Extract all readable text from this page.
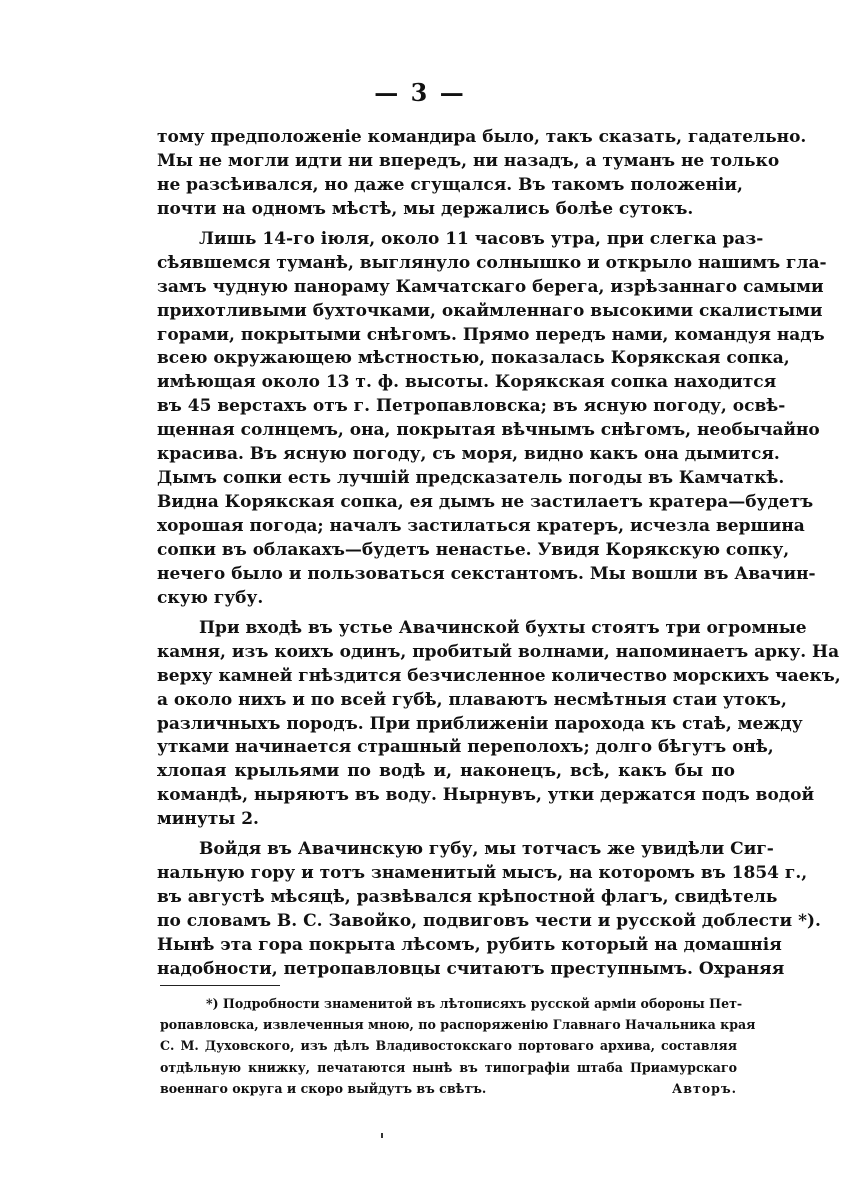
— 3 —
тому предположеніе командира было, такъ сказать, гадательно.
Мы не могли идти ни впередъ, ни назадъ, а туманъ не только
не разсѣивался, но даже сгущался. Въ такомъ положеніи,
почти на одномъ мѣстѣ, мы держались болѣе сутокъ.
Лишь 14-го іюля, около 11 часовъ утра, при слегка раз-
сѣявшемся туманѣ, выглянуло солнышко и открыло нашимъ гла-
замъ чудную панораму Камчатскаго берега, изрѣзаннаго самыми
прихотливыми бухточками, окаймленнаго высокими скалистыми
горами, покрытыми снѣгомъ. Прямо передъ нами, командуя надъ
всею окружающею мѣстностью, показалась Корякская сопка,
имѣющая около 13 т. ф. высоты. Корякская сопка находится
въ 45 верстахъ отъ г. Петропавловска; въ ясную погоду, освѣ-
щенная солнцемъ, она, покрытая вѣчнымъ снѣгомъ, необычайно
красива. Въ ясную погоду, съ моря, видно какъ она дымится.
Дымъ сопки есть лучшій предсказатель погоды въ Камчаткѣ.
Видна Корякская сопка, ея дымъ не застилаетъ кратера—будетъ
хорошая погода; началъ застилаться кратеръ, исчезла вершина
сопки въ облакахъ—будетъ ненастье. Увидя Корякскую сопку,
нечего было и пользоваться секстантомъ. Мы вошли въ Авачин-
скую губу.
При входѣ въ устье Авачинской бухты стоятъ три огромные
камня, изъ коихъ одинъ, пробитый волнами, напоминаетъ арку. На
верху камней гнѣздится безчисленное количество морскихъ чаекъ,
а около нихъ и по всей губѣ, плаваютъ несмѣтныя стаи утокъ,
различныхъ породъ. При приближеніи парохода къ стаѣ, между
утками начинается страшный переполохъ; долго бѣгутъ онѣ,
хлопая крыльями по водѣ и, наконецъ, всѣ, какъ бы по
командѣ, ныряютъ въ воду. Нырнувъ, утки держатся подъ водой
минуты 2.
Войдя въ Авачинскую губу, мы тотчасъ же увидѣли Сиг-
нальную гору и тотъ знаменитый мысъ, на которомъ въ 1854 г.,
въ августѣ мѣсяцѣ, развѣвался крѣпостной флагъ, свидѣтель
по словамъ В. С. Завойко, подвиговъ чести и русской доблести *).
Нынѣ эта гора покрыта лѣсомъ, рубить который на домашнія
надобности, петропавловцы считаютъ преступнымъ. Охраняя
*) Подробности знаменитой въ лѣтописяхъ русской арміи обороны Пет-
ропавловска, извлеченныя мною, по распоряженію Главнаго Начальника края
С. М. Духовского, изъ дѣлъ Владивостокскаго портоваго архива, составляя
отдѣльную книжку, печатаются нынѣ въ типографіи штаба Приамурскаго
военнаго округа и скоро выйдутъ въ свѣтъ.	Авторъ.
